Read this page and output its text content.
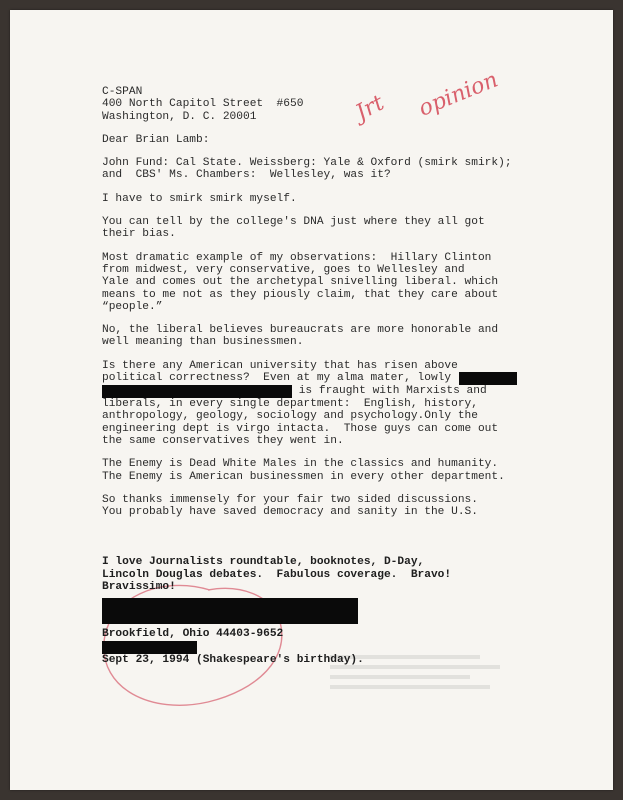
Jrt opinion

C-SPAN

400 North Capitol Street  #650

Washington, D. C. 20001

Dear Brian Lamb:

John Fund: Cal State. Weissberg: Yale & Oxford (smirk smirk);

and  CBS' Ms. Chambers:  Wellesley, was it?

I have to smirk smirk myself.

You can tell by the college's DNA just where they all got

their bias.

Most dramatic example of my observations:  Hillary Clinton

from midwest, very conservative, goes to Wellesley and

Yale and comes out the archetypal snivelling liberal. which

means to me not as they piously claim, that they care about

“people.”

No, the liberal believes bureaucrats are more honorable and

well meaning than businessmen.

Is there any American university that has risen above

political correctness?  Even at my alma mater, lowly

is fraught with Marxists and

liberals, in every single department:  English, history,

anthropology, geology, sociology and psychology.Only the

engineering dept is virgo intacta.  Those guys can come out

the same conservatives they went in.

The Enemy is Dead White Males in the classics and humanity.

The Enemy is American businessmen in every other department.

So thanks immensely for your fair two sided discussions.

You probably have saved democracy and sanity in the U.S.

I love Journalists roundtable, booknotes, D-Day,

Lincoln Douglas debates.  Fabulous coverage.  Bravo!

Bravissimo!

Brookfield, Ohio 44403-9652

Sept 23, 1994 (Shakespeare's birthday).
